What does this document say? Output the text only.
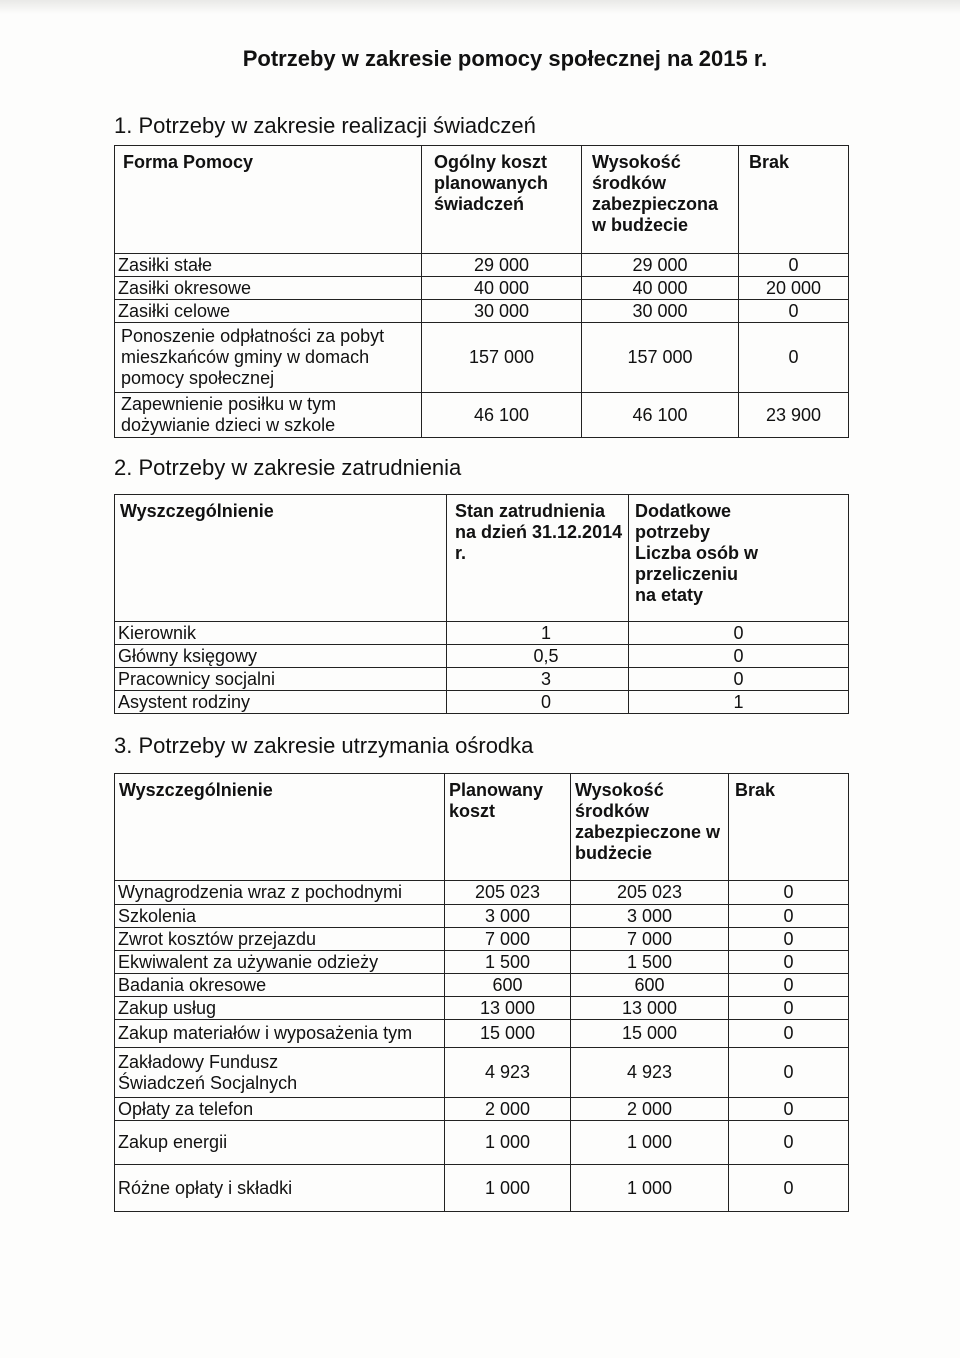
Potrzeby w zakresie pomocy społecznej na 2015 r.
1. Potrzeby w zakresie realizacji świadczeń
Forma Pomocy	Ogólny koszt planowanych świadczeń	Wysokość środków zabezpieczona w budżecie	Brak
Zasiłki stałe	29 000	29 000	0
Zasiłki okresowe	40 000	40 000	20 000
Zasiłki celowe	30 000	30 000	0
Ponoszenie odpłatności za pobyt mieszkańców gminy w domach pomocy społecznej	157 000	157 000	0
Zapewnienie posiłku w tym dożywianie dzieci w szkole	46 100	46 100	23 900
2. Potrzeby w zakresie zatrudnienia
Wyszczególnienie	Stan zatrudnienia na dzień 31.12.2014 r.	Dodatkowe potrzeby Liczba osób w przeliczeniu na etaty
Kierownik	1	0
Główny księgowy	0,5	0
Pracownicy socjalni	3	0
Asystent rodziny	0	1
3. Potrzeby w zakresie utrzymania ośrodka
Wyszczególnienie	Planowany koszt	Wysokość środków zabezpieczone w budżecie	Brak
Wynagrodzenia wraz z pochodnymi	205 023	205 023	0
Szkolenia	3 000	3 000	0
Zwrot kosztów przejazdu	7 000	7 000	0
Ekwiwalent za używanie odzieży	1 500	1 500	0
Badania okresowe	600	600	0
Zakup usług	13 000	13 000	0
Zakup materiałów i wyposażenia tym	15 000	15 000	0
Zakładowy Fundusz Świadczeń Socjalnych	4 923	4 923	0
Opłaty za telefon	2 000	2 000	0
Zakup energii	1 000	1 000	0
Różne opłaty i składki	1 000	1 000	0
